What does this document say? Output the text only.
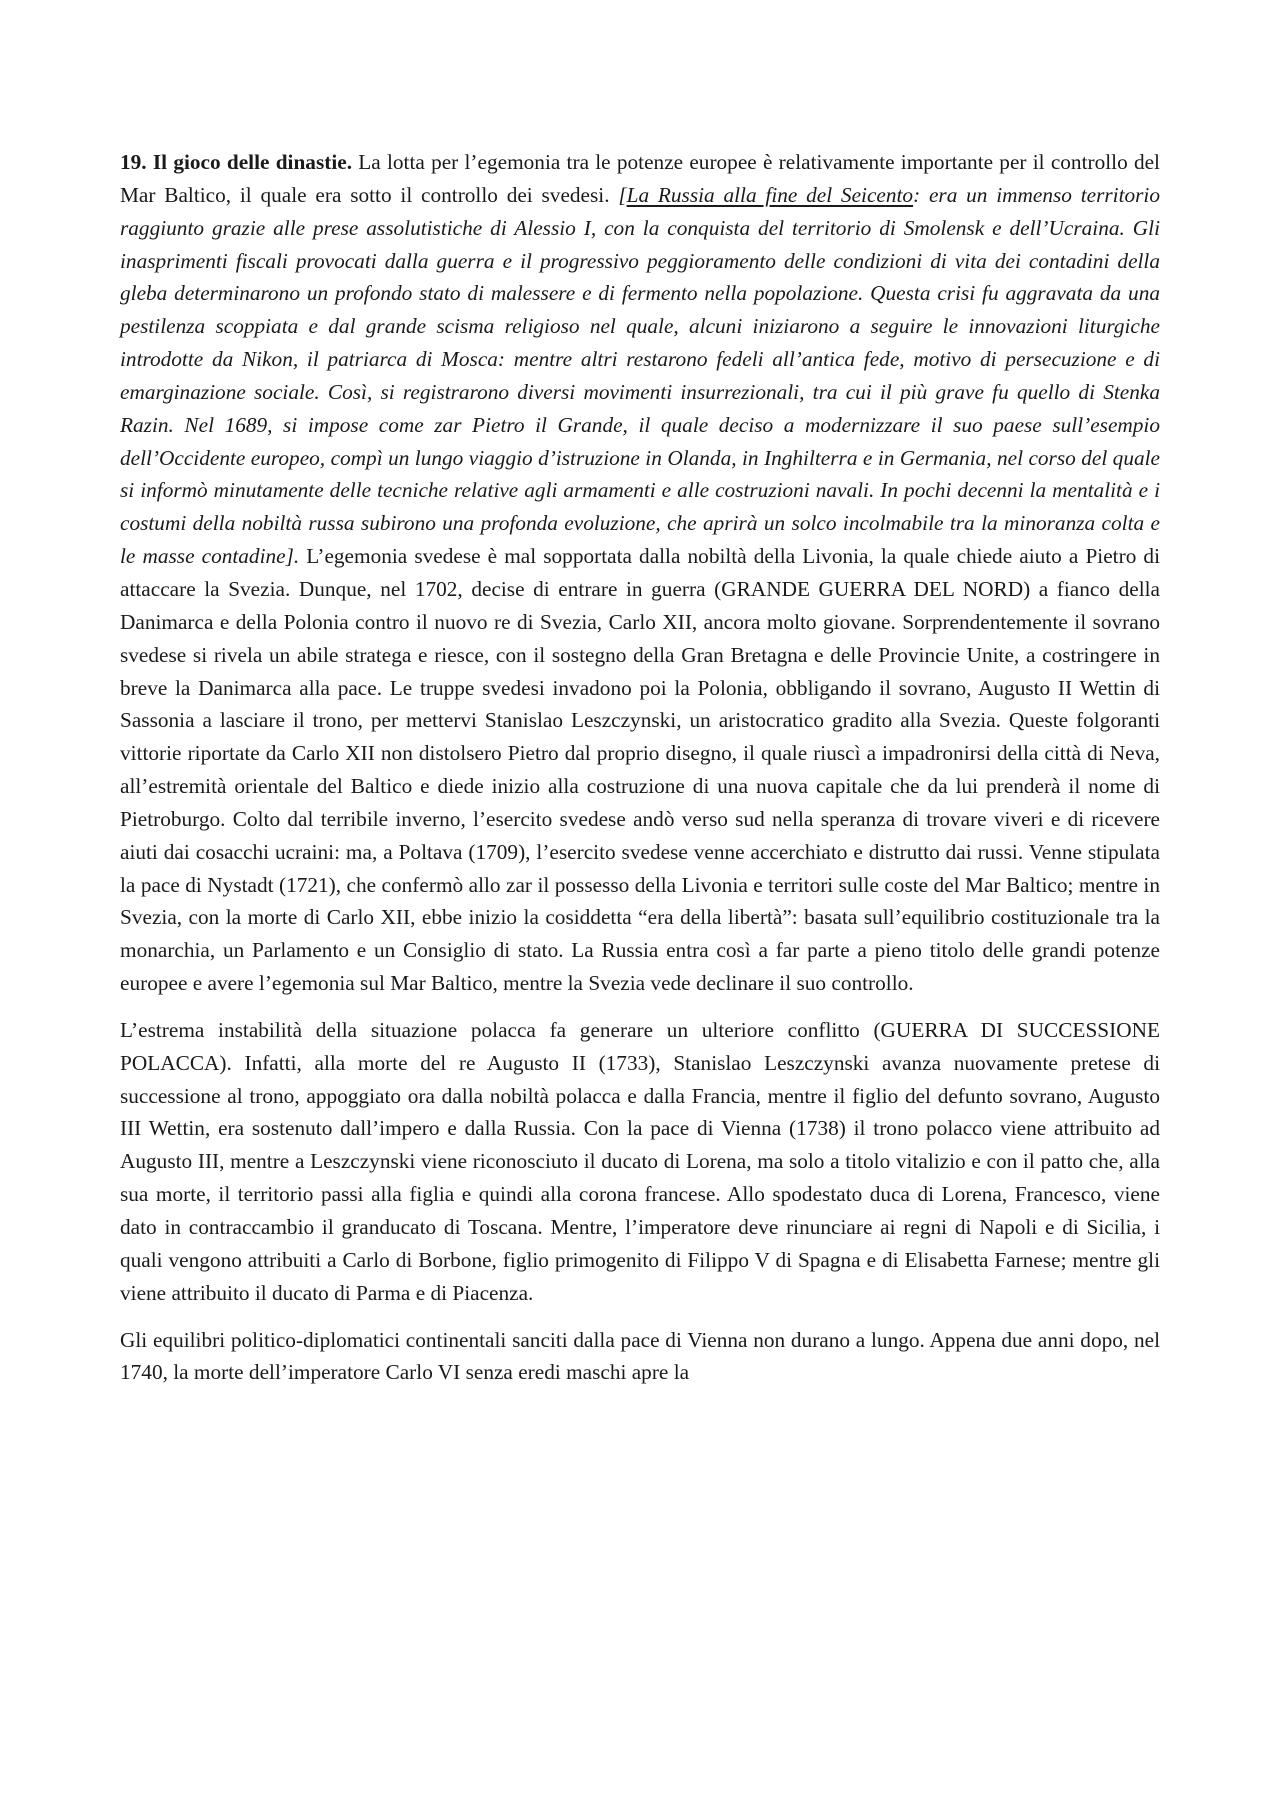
19. Il gioco delle dinastie. La lotta per l’egemonia tra le potenze europee è relativamente importante per il controllo del Mar Baltico, il quale era sotto il controllo dei svedesi. [La Russia alla fine del Seicento: era un immenso territorio raggiunto grazie alle prese assolutistiche di Alessio I, con la conquista del territorio di Smolensk e dell’Ucraina. Gli inasprimenti fiscali provocati dalla guerra e il progressivo peggioramento delle condizioni di vita dei contadini della gleba determinarono un profondo stato di malessere e di fermento nella popolazione. Questa crisi fu aggravata da una pestilenza scoppiata e dal grande scisma religioso nel quale, alcuni iniziarono a seguire le innovazioni liturgiche introdotte da Nikon, il patriarca di Mosca: mentre altri restarono fedeli all’antica fede, motivo di persecuzione e di emarginazione sociale. Così, si registrarono diversi movimenti insurrezionali, tra cui il più grave fu quello di Stenka Razin. Nel 1689, si impose come zar Pietro il Grande, il quale deciso a modernizzare il suo paese sull’esempio dell’Occidente europeo, compì un lungo viaggio d’istruzione in Olanda, in Inghilterra e in Germania, nel corso del quale si informò minutamente delle tecniche relative agli armamenti e alle costruzioni navali. In pochi decenni la mentalità e i costumi della nobiltà russa subirono una profonda evoluzione, che aprirà un solco incolmabile tra la minoranza colta e le masse contadine]. L’egemonia svedese è mal sopportata dalla nobiltà della Livonia, la quale chiede aiuto a Pietro di attaccare la Svezia. Dunque, nel 1702, decise di entrare in guerra (GRANDE GUERRA DEL NORD) a fianco della Danimarca e della Polonia contro il nuovo re di Svezia, Carlo XII, ancora molto giovane. Sorprendentemente il sovrano svedese si rivela un abile stratega e riesce, con il sostegno della Gran Bretagna e delle Provincie Unite, a costringere in breve la Danimarca alla pace. Le truppe svedesi invadono poi la Polonia, obbligando il sovrano, Augusto II Wettin di Sassonia a lasciare il trono, per mettervi Stanislao Leszczynski, un aristocratico gradito alla Svezia. Queste folgoranti vittorie riportate da Carlo XII non distolsero Pietro dal proprio disegno, il quale riuscì a impadronirsi della città di Neva, all’estremità orientale del Baltico e diede inizio alla costruzione di una nuova capitale che da lui prenderà il nome di Pietroburgo. Colto dal terribile inverno, l’esercito svedese andò verso sud nella speranza di trovare viveri e di ricevere aiuti dai cosacchi ucraini: ma, a Poltava (1709), l’esercito svedese venne accerchiato e distrutto dai russi. Venne stipulata la pace di Nystadt (1721), che confermò allo zar il possesso della Livonia e territori sulle coste del Mar Baltico; mentre in Svezia, con la morte di Carlo XII, ebbe inizio la cosiddetta “era della libertà”: basata sull’equilibrio costituzionale tra la monarchia, un Parlamento e un Consiglio di stato. La Russia entra così a far parte a pieno titolo delle grandi potenze europee e avere l’egemonia sul Mar Baltico, mentre la Svezia vede declinare il suo controllo.

L’estrema instabilità della situazione polacca fa generare un ulteriore conflitto (GUERRA DI SUCCESSIONE POLACCA). Infatti, alla morte del re Augusto II (1733), Stanislao Leszczynski avanza nuovamente pretese di successione al trono, appoggiato ora dalla nobiltà polacca e dalla Francia, mentre il figlio del defunto sovrano, Augusto III Wettin, era sostenuto dall’impero e dalla Russia. Con la pace di Vienna (1738) il trono polacco viene attribuito ad Augusto III, mentre a Leszczynski viene riconosciuto il ducato di Lorena, ma solo a titolo vitalizio e con il patto che, alla sua morte, il territorio passi alla figlia e quindi alla corona francese. Allo spodestato duca di Lorena, Francesco, viene dato in contraccambio il granducato di Toscana. Mentre, l’imperatore deve rinunciare ai regni di Napoli e di Sicilia, i quali vengono attribuiti a Carlo di Borbone, figlio primogenito di Filippo V di Spagna e di Elisabetta Farnese; mentre gli viene attribuito il ducato di Parma e di Piacenza.

Gli equilibri politico-diplomatici continentali sanciti dalla pace di Vienna non durano a lungo. Appena due anni dopo, nel 1740, la morte dell’imperatore Carlo VI senza eredi maschi apre la
